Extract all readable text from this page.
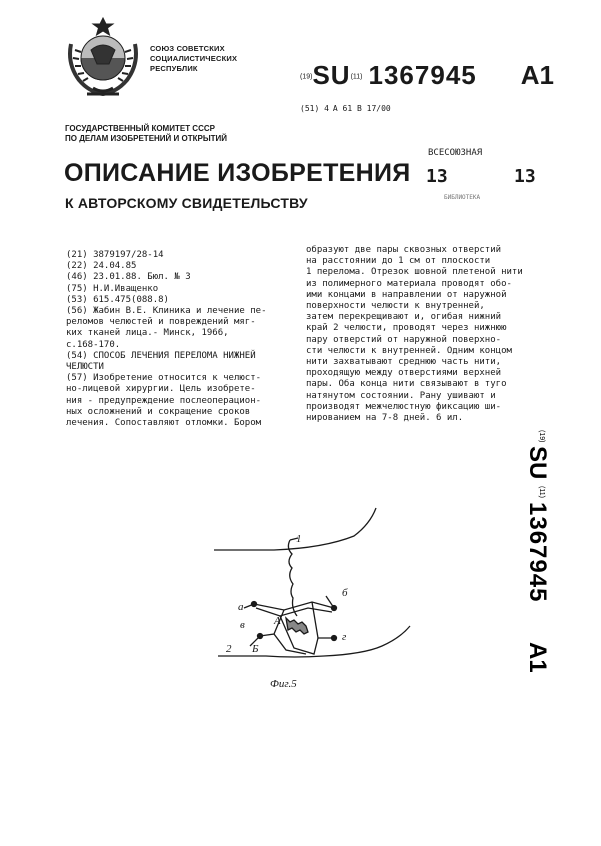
СОЮЗ СОВЕТСКИХ
СОЦИАЛИСТИЧЕСКИХ
РЕСПУБЛИК
(19)SU(11) 1367945 A1
(51) 4 A 61 B 17/00
ГОСУДАРСТВЕННЫЙ КОМИТЕТ СССР
ПО ДЕЛАМ ИЗОБРЕТЕНИЙ И ОТКРЫТИЙ
ОПИСАНИЕ ИЗОБРЕТЕНИЯ
К АВТОРСКОМУ СВИДЕТЕЛЬСТВУ
ВСЕСОЮЗНАЯ
13	13
БИБЛИОТЕКА
(21) 3879197/28-14
(22) 24.04.85
(46) 23.01.88. Бюл. № 3
(75) Н.И.Иващенко
(53) 615.475(088.8)
(56) Жабин В.Е. Клиника и лечение пе-
реломов челюстей и повреждений мяг-
ких тканей лица.- Минск, 1966,
с.168-170.
(54) СПОСОБ ЛЕЧЕНИЯ ПЕРЕЛОМА НИЖНЕЙ
ЧЕЛЮСТИ
(57) Изобретение относится к челюст-
но-лицевой хирургии. Цель изобрете-
ния - предупреждение послеоперацион-
ных осложнений и сокращение сроков
лечения. Сопоставляют отломки. Бором
образуют две пары сквозных отверстий
на расстоянии до 1 см от плоскости
1 перелома. Отрезок шовной плетеной нити
из полимерного материала проводят обо-
ими концами в направлении от наружной
поверхности челюсти к внутренней,
затем перекрещивают и, огибая нижний
край 2 челюсти, проводят через нижнюю
пару отверстий от наружной поверхно-
сти челюсти к внутренней. Одним концом
нити захватывают среднюю часть нити,
проходящую между отверстиями верхней
пары. Оба конца нити связывают в туго
натянутом состоянии. Рану ушивают и
производят межчелюстную фиксацию ши-
нированием на 7-8 дней. 6 ил.
(19)
SU
(11)
1367945
A1
1
2
а
б
А
в
Б
г
Фиг.5
